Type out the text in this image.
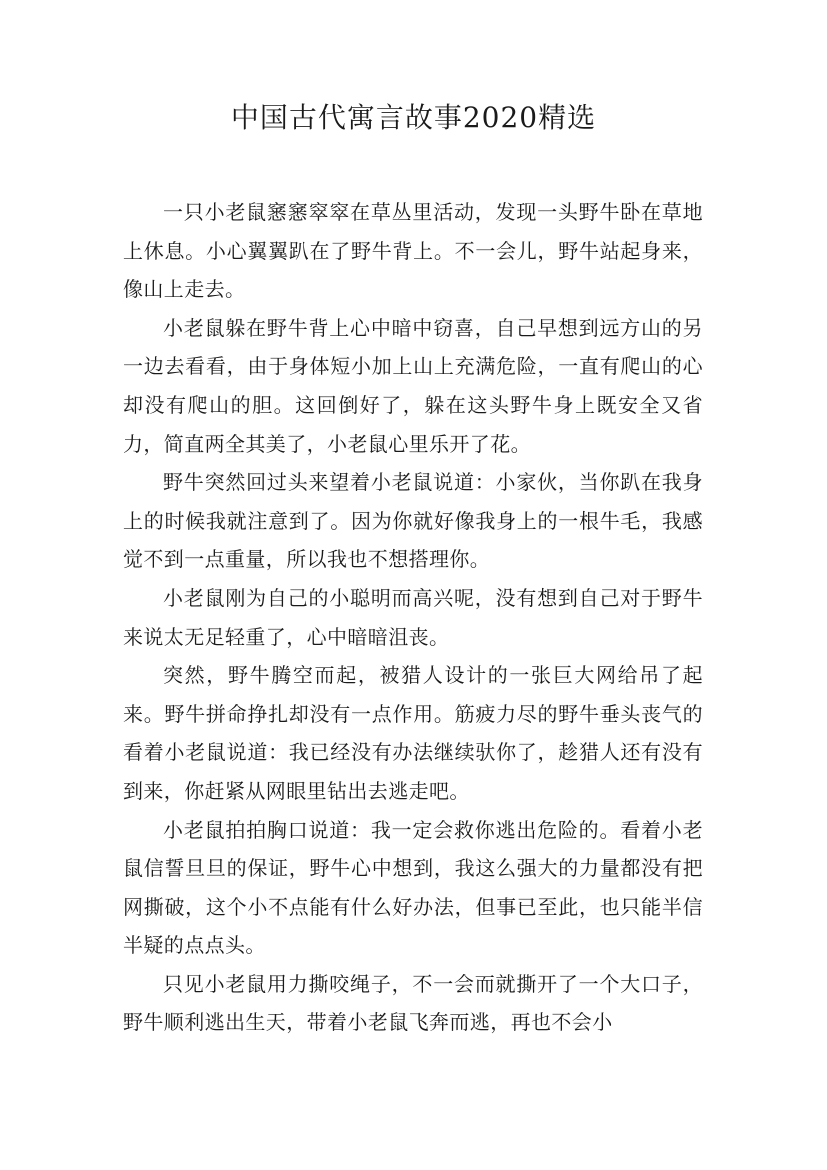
中国古代寓言故事2020精选

一只小老鼠窸窸窣窣在草丛里活动，发现一头野牛卧在草地上休息。小心翼翼趴在了野牛背上。不一会儿，野牛站起身来，像山上走去。

小老鼠躲在野牛背上心中暗中窃喜，自己早想到远方山的另一边去看看，由于身体短小加上山上充满危险，一直有爬山的心却没有爬山的胆。这回倒好了，躲在这头野牛身上既安全又省力，简直两全其美了，小老鼠心里乐开了花。

野牛突然回过头来望着小老鼠说道：小家伙，当你趴在我身上的时候我就注意到了。因为你就好像我身上的一根牛毛，我感觉不到一点重量，所以我也不想搭理你。

小老鼠刚为自己的小聪明而高兴呢，没有想到自己对于野牛来说太无足轻重了，心中暗暗沮丧。

突然，野牛腾空而起，被猎人设计的一张巨大网给吊了起来。野牛拼命挣扎却没有一点作用。筋疲力尽的野牛垂头丧气的看着小老鼠说道：我已经没有办法继续驮你了，趁猎人还有没有到来，你赶紧从网眼里钻出去逃走吧。

小老鼠拍拍胸口说道：我一定会救你逃出危险的。看着小老鼠信誓旦旦的保证，野牛心中想到，我这么强大的力量都没有把网撕破，这个小不点能有什么好办法，但事已至此，也只能半信半疑的点点头。

只见小老鼠用力撕咬绳子，不一会而就撕开了一个大口子，野牛顺利逃出生天，带着小老鼠飞奔而逃，再也不会小
